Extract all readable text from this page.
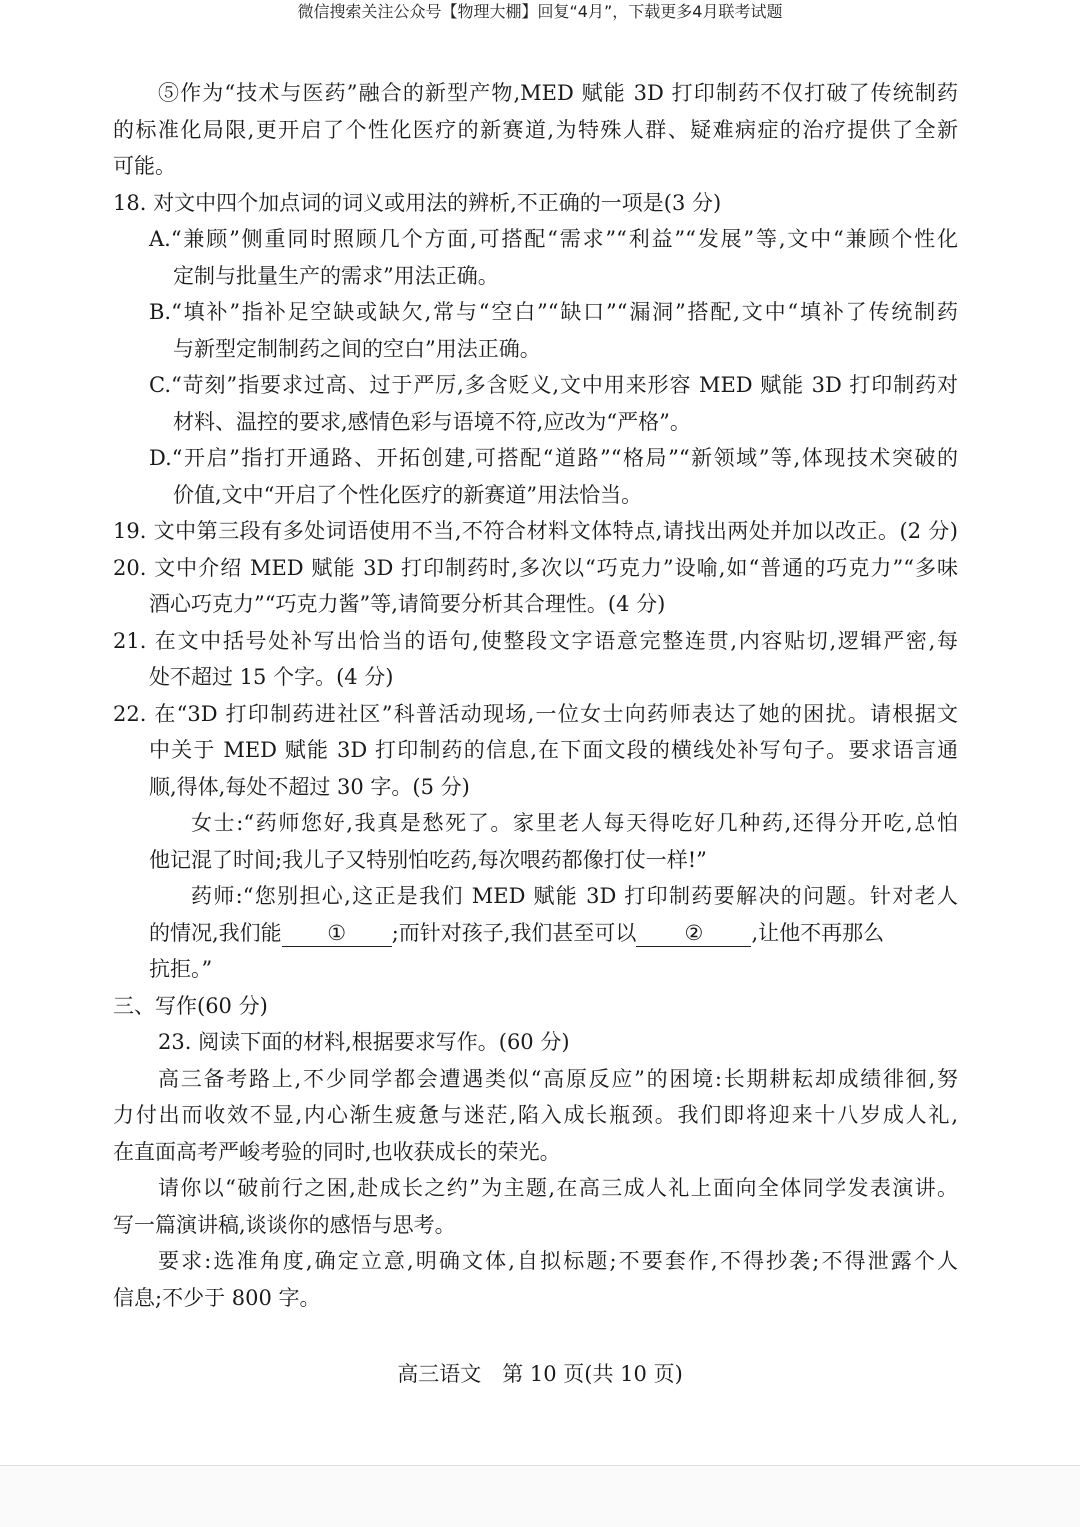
微信搜索关注公众号【物理大棚】回复“4月”，下载更多4月联考试题
⑤作为“技术与医药”融合的新型产物,MED 赋能 3D 打印制药不仅打破了传统制药
的标准化局限,更开启了个性化医疗的新赛道,为特殊人群、疑难病症的治疗提供了全新
可能。
18. 对文中四个加点词的词义或用法的辨析,不正确的一项是(3 分)
A.“兼顾”侧重同时照顾几个方面,可搭配“需求”“利益”“发展”等,文中“兼顾个性化
定制与批量生产的需求”用法正确。
B.“填补”指补足空缺或缺欠,常与“空白”“缺口”“漏洞”搭配,文中“填补了传统制药
与新型定制制药之间的空白”用法正确。
C.“苛刻”指要求过高、过于严厉,多含贬义,文中用来形容 MED 赋能 3D 打印制药对
材料、温控的要求,感情色彩与语境不符,应改为“严格”。
D.“开启”指打开通路、开拓创建,可搭配“道路”“格局”“新领域”等,体现技术突破的
价值,文中“开启了个性化医疗的新赛道”用法恰当。
19. 文中第三段有多处词语使用不当,不符合材料文体特点,请找出两处并加以改正。(2 分)
20. 文中介绍 MED 赋能 3D 打印制药时,多次以“巧克力”设喻,如“普通的巧克力”“多味
酒心巧克力”“巧克力酱”等,请简要分析其合理性。(4 分)
21. 在文中括号处补写出恰当的语句,使整段文字语意完整连贯,内容贴切,逻辑严密,每
处不超过 15 个字。(4 分)
22. 在“3D 打印制药进社区”科普活动现场,一位女士向药师表达了她的困扰。请根据文
中关于 MED 赋能 3D 打印制药的信息,在下面文段的横线处补写句子。要求语言通
顺,得体,每处不超过 30 字。(5 分)
女士:“药师您好,我真是愁死了。家里老人每天得吃好几种药,还得分开吃,总怕
他记混了时间;我儿子又特别怕吃药,每次喂药都像打仗一样!”
药师:“您别担心,这正是我们 MED 赋能 3D 打印制药要解决的问题。针对老人
的情况,我们能 ① ;而针对孩子,我们甚至可以 ② ,让他不再那么
抗拒。”
三、写作(60 分)
23. 阅读下面的材料,根据要求写作。(60 分)
高三备考路上,不少同学都会遭遇类似“高原反应”的困境:长期耕耘却成绩徘徊,努
力付出而收效不显,内心渐生疲惫与迷茫,陷入成长瓶颈。我们即将迎来十八岁成人礼,
在直面高考严峻考验的同时,也收获成长的荣光。
请你以“破前行之困,赴成长之约”为主题,在高三成人礼上面向全体同学发表演讲。
写一篇演讲稿,谈谈你的感悟与思考。
要求:选准角度,确定立意,明确文体,自拟标题;不要套作,不得抄袭;不得泄露个人
信息;不少于 800 字。
高三语文　第 10 页(共 10 页)
